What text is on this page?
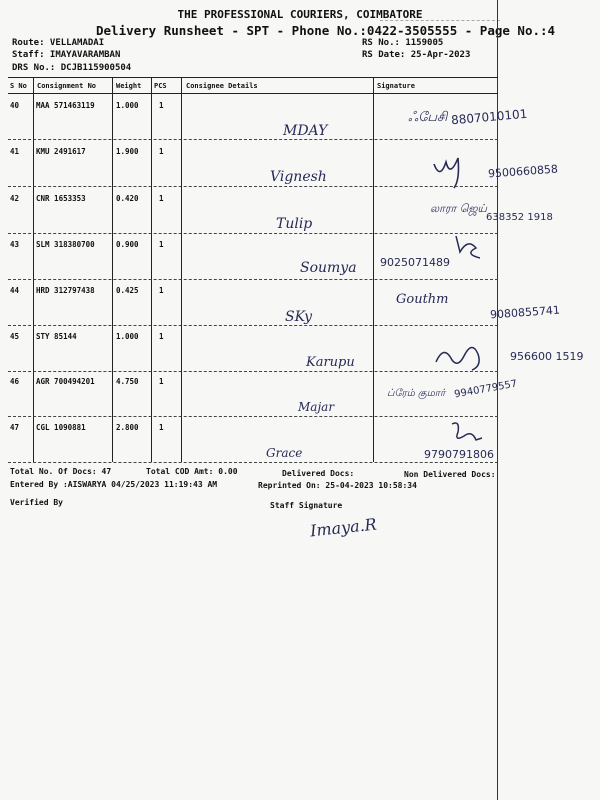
THE PROFESSIONAL COURIERS, COIMBATORE
Delivery Runsheet - SPT - Phone No.:0422-3505555 - Page No.:4
Route: VELLAMADAI
Staff: IMAYAVARAMBAN
DRS No.: DCJB115900504
RS No.: 1159005
RS Date: 25-Apr-2023
S No Consignment No	Weight PCS	Consignee Details	Signature
40 MAA 571463119	1.000	1
MDAY
ஃபேசி 8807010101
41 KMU 2491617	1.900	1
Vignesh	9500660858
42 CNR 1653353	0.420	1
Tulip
லாரா ஜெய்
638352 1918
43 SLM 318380700	0.900	1
Soumya 9025071489
44 HRD 312797438	0.425	1
SKy
Gouthm
9080855741
45 STY 85144	1.000	1
Karupu	956600 1519
46 AGR 700494201	4.750	1
Majar
ப்ரேம் குமார் 9940779557
47 CGL 1090881	2.800	1
Grace	9790791806
Total No. Of Docs: 47	Total COD Amt: 0.00	Delivered Docs:	Non Delivered Docs:
Entered By :AISWARYA 04/25/2023 11:19:43 AM	Reprinted On: 25-04-2023 10:58:34
Verified By	Staff Signature
Imaya.R
